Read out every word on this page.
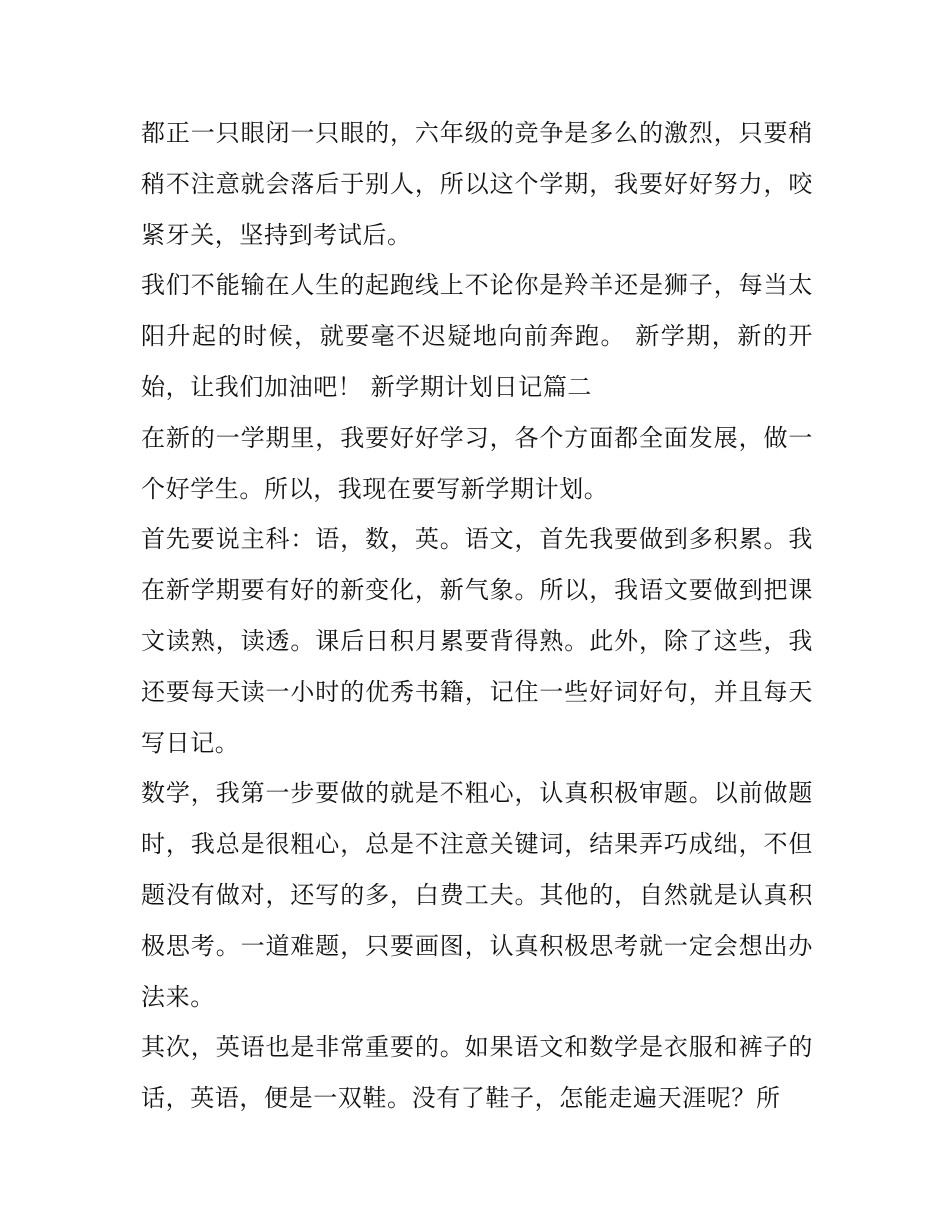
都正一只眼闭一只眼的，六年级的竞争是多么的激烈，只要稍稍不注意就会落后于别人，所以这个学期，我要好好努力，咬紧牙关，坚持到考试后。

我们不能输在人生的起跑线上不论你是羚羊还是狮子，每当太阳升起的时候，就要毫不迟疑地向前奔跑。 新学期，新的开始，让我们加油吧！ 新学期计划日记篇二

在新的一学期里，我要好好学习，各个方面都全面发展，做一个好学生。所以，我现在要写新学期计划。

首先要说主科：语，数，英。语文，首先我要做到多积累。我在新学期要有好的新变化，新气象。所以，我语文要做到把课文读熟，读透。课后日积月累要背得熟。此外，除了这些，我还要每天读一小时的优秀书籍，记住一些好词好句，并且每天写日记。

数学，我第一步要做的就是不粗心，认真积极审题。以前做题时，我总是很粗心，总是不注意关键词，结果弄巧成绌，不但题没有做对，还写的多，白费工夫。其他的，自然就是认真积极思考。一道难题，只要画图，认真积极思考就一定会想出办法来。

其次，英语也是非常重要的。如果语文和数学是衣服和裤子的话，英语，便是一双鞋。没有了鞋子，怎能走遍天涯呢？所
